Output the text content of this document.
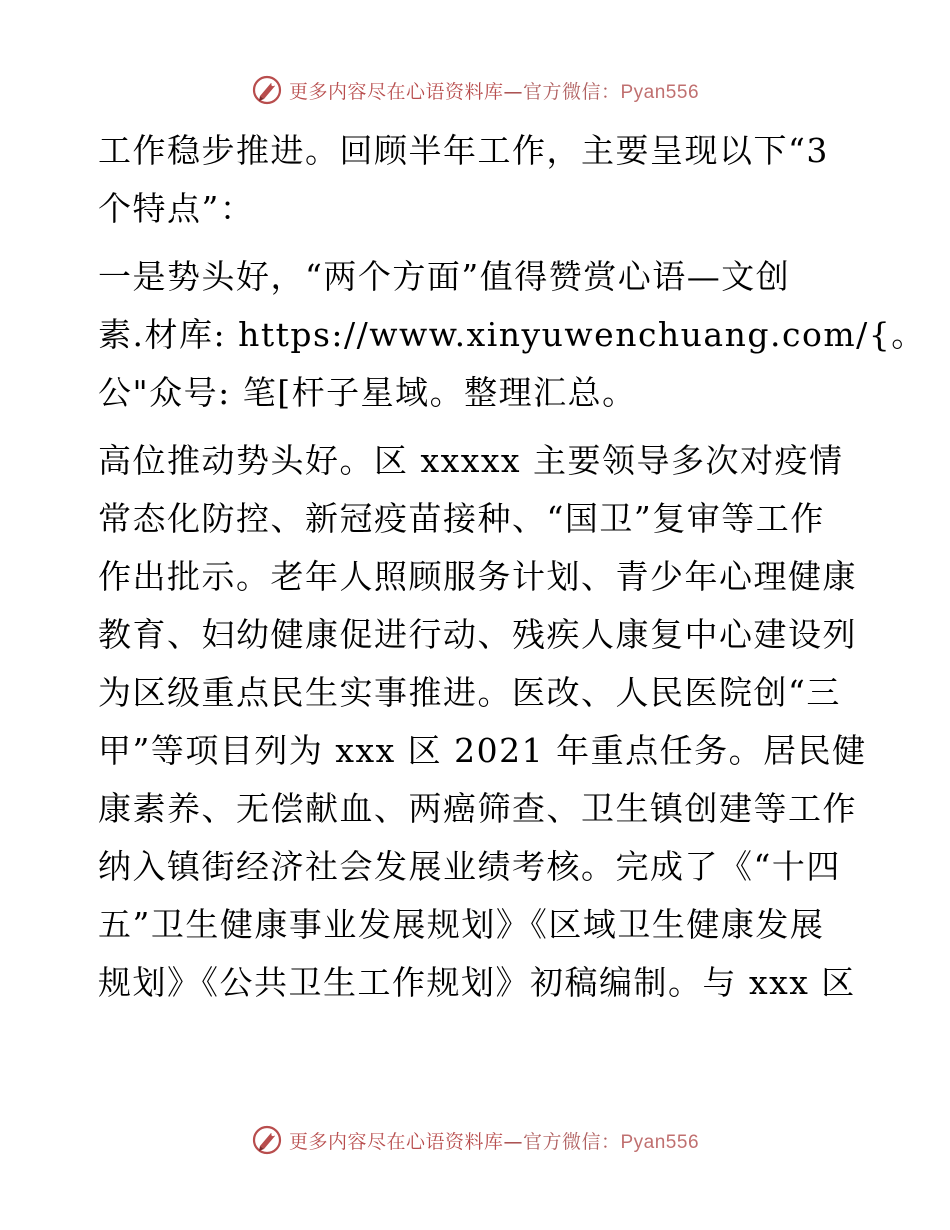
更多内容尽在心语资料库—官方微信：Pyan556
工作稳步推进。回顾半年工作，主要呈现以下“3
个特点”：
一是势头好，“两个方面”值得赞赏心语—文创
素.材库: https://www.xinyuwenchuang.com/{。
公"众号: 笔[杆子星域。整理汇总。
高位推动势头好。区 xxxxx 主要领导多次对疫情
常态化防控、新冠疫苗接种、“国卫”复审等工作
作出批示。老年人照顾服务计划、青少年心理健康
教育、妇幼健康促进行动、残疾人康复中心建设列
为区级重点民生实事推进。医改、人民医院创“三
甲”等项目列为 xxx 区 2021 年重点任务。居民健
康素养、无偿献血、两癌筛查、卫生镇创建等工作
纳入镇街经济社会发展业绩考核。完成了《“十四
五”卫生健康事业发展规划》《区域卫生健康发展
规划》《公共卫生工作规划》初稿编制。与 xxx 区
更多内容尽在心语资料库—官方微信：Pyan556
